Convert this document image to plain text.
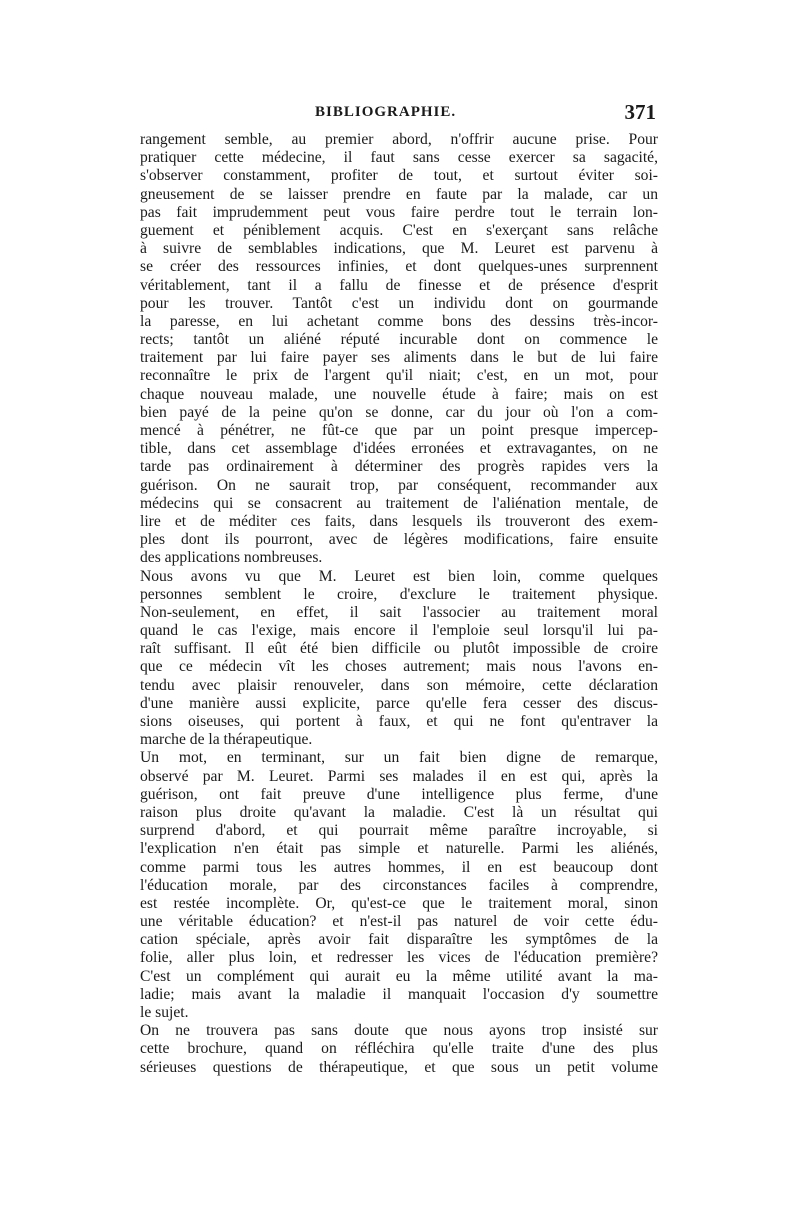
BIBLIOGRAPHIE.	371
rangement semble, au premier abord, n'offrir aucune prise. Pour
pratiquer cette médecine, il faut sans cesse exercer sa sagacité,
s'observer constamment, profiter de tout, et surtout éviter soi-
gneusement de se laisser prendre en faute par la malade, car un
pas fait imprudemment peut vous faire perdre tout le terrain lon-
guement et péniblement acquis. C'est en s'exerçant sans relâche
à suivre de semblables indications, que M. Leuret est parvenu à
se créer des ressources infinies, et dont quelques-unes surprennent
véritablement, tant il a fallu de finesse et de présence d'esprit
pour les trouver. Tantôt c'est un individu dont on gourmande
la paresse, en lui achetant comme bons des dessins très-incor-
rects; tantôt un aliéné réputé incurable dont on commence le
traitement par lui faire payer ses aliments dans le but de lui faire
reconnaître le prix de l'argent qu'il niait; c'est, en un mot, pour
chaque nouveau malade, une nouvelle étude à faire; mais on est
bien payé de la peine qu'on se donne, car du jour où l'on a com-
mencé à pénétrer, ne fût-ce que par un point presque impercep-
tible, dans cet assemblage d'idées erronées et extravagantes, on ne
tarde pas ordinairement à déterminer des progrès rapides vers la
guérison. On ne saurait trop, par conséquent, recommander aux
médecins qui se consacrent au traitement de l'aliénation mentale, de
lire et de méditer ces faits, dans lesquels ils trouveront des exem-
ples dont ils pourront, avec de légères modifications, faire ensuite
des applications nombreuses.
Nous avons vu que M. Leuret est bien loin, comme quelques
personnes semblent le croire, d'exclure le traitement physique.
Non-seulement, en effet, il sait l'associer au traitement moral
quand le cas l'exige, mais encore il l'emploie seul lorsqu'il lui pa-
raît suffisant. Il eût été bien difficile ou plutôt impossible de croire
que ce médecin vît les choses autrement; mais nous l'avons en-
tendu avec plaisir renouveler, dans son mémoire, cette déclaration
d'une manière aussi explicite, parce qu'elle fera cesser des discus-
sions oiseuses, qui portent à faux, et qui ne font qu'entraver la
marche de la thérapeutique.
Un mot, en terminant, sur un fait bien digne de remarque,
observé par M. Leuret. Parmi ses malades il en est qui, après la
guérison, ont fait preuve d'une intelligence plus ferme, d'une
raison plus droite qu'avant la maladie. C'est là un résultat qui
surprend d'abord, et qui pourrait même paraître incroyable, si
l'explication n'en était pas simple et naturelle. Parmi les aliénés,
comme parmi tous les autres hommes, il en est beaucoup dont
l'éducation morale, par des circonstances faciles à comprendre,
est restée incomplète. Or, qu'est-ce que le traitement moral, sinon
une véritable éducation? et n'est-il pas naturel de voir cette édu-
cation spéciale, après avoir fait disparaître les symptômes de la
folie, aller plus loin, et redresser les vices de l'éducation première?
C'est un complément qui aurait eu la même utilité avant la ma-
ladie; mais avant la maladie il manquait l'occasion d'y soumettre
le sujet.
On ne trouvera pas sans doute que nous ayons trop insisté sur
cette brochure, quand on réfléchira qu'elle traite d'une des plus
sérieuses questions de thérapeutique, et que sous un petit volume
